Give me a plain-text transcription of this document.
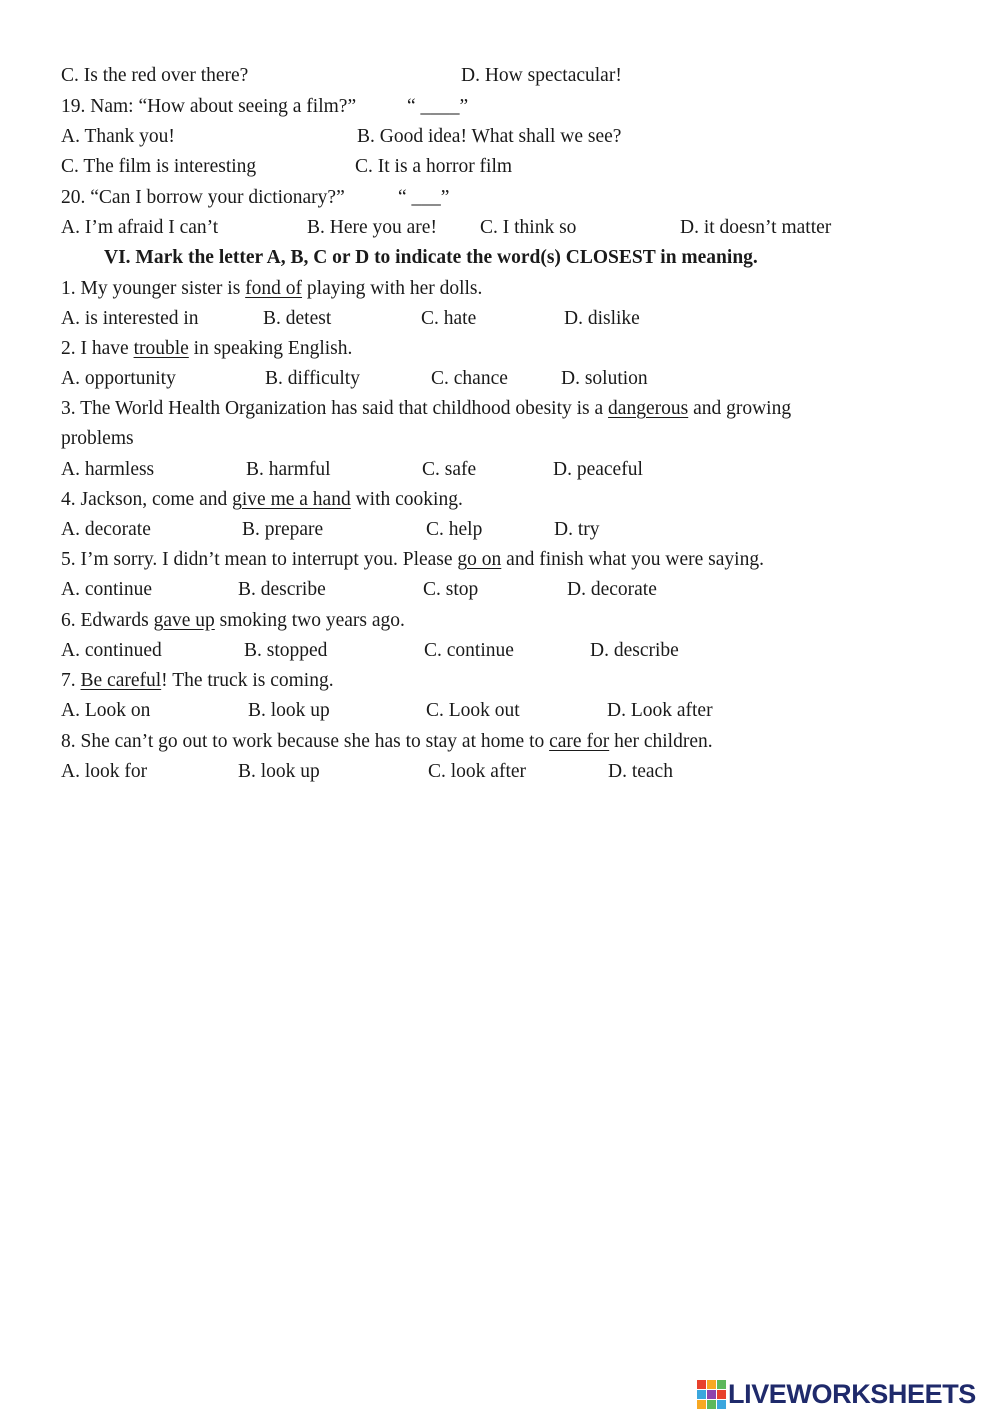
C. Is the red over there?	D. How spectacular!
19. Nam: “How about seeing a film?”	“ ____”
A. Thank you!	B. Good idea! What shall we see?
C. The film is interesting	C. It is a horror film
20. “Can I borrow your dictionary?”	“ ___”
A. I’m afraid I can’t	B. Here you are! C. I think so	D. it doesn’t matter
VI. Mark the letter A, B, C or D to indicate the word(s) CLOSEST in meaning.
1. My younger sister is fond of playing with her dolls.
A. is interested in	B. detest	C. hate	D. dislike
2. I have trouble in speaking English.
A. opportunity	B. difficulty	C. chance	D. solution
3. The World Health Organization has said that childhood obesity is a dangerous and growing
problems
A. harmless	B. harmful	C. safe	D. peaceful
4. Jackson, come and give me a hand with cooking.
A. decorate	B. prepare	C. help	D. try
5. I’m sorry. I didn’t mean to interrupt you. Please go on and finish what you were saying.
A. continue	B. describe	C. stop	D. decorate
6. Edwards gave up smoking two years ago.
A. continued	B. stopped	C. continue	D. describe
7. Be careful! The truck is coming.
A. Look on	B. look up	C. Look out	D. Look after
8. She can’t go out to work because she has to stay at home to care for her children.
A. look for	B. look up	C. look after	D. teach
LIVEWORKSHEETS
